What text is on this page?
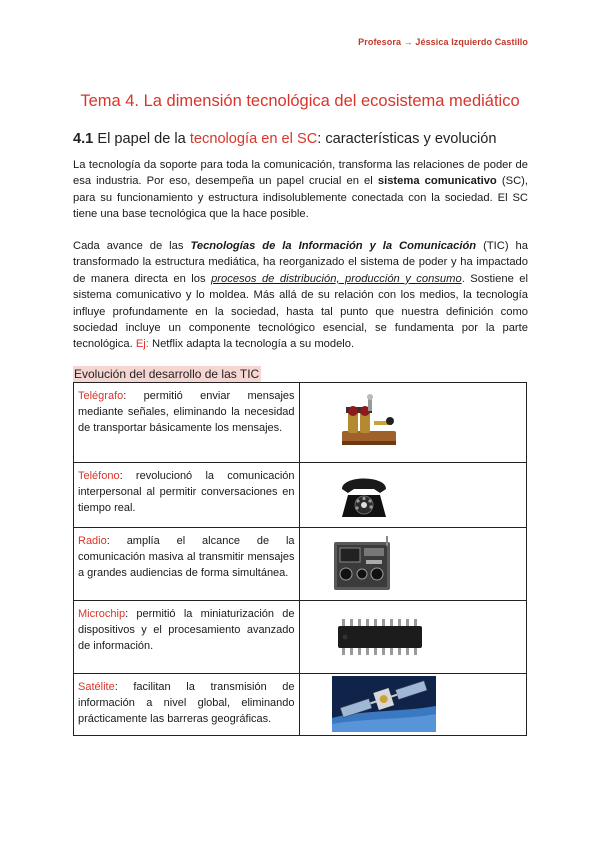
Profesora → Jéssica Izquierdo Castillo
Tema 4. La dimensión tecnológica del ecosistema mediático
4.1 El papel de la tecnología en el SC: características y evolución

La tecnología da soporte para toda la comunicación, transforma las relaciones de poder de esa industria. Por eso, desempeña un papel crucial en el sistema comunicativo (SC), para su funcionamiento y estructura indisolublemente conectada con la sociedad. El SC tiene una base tecnológica que la hace posible.

Cada avance de las Tecnologías de la Información y la Comunicación (TIC) ha transformado la estructura mediática, ha reorganizado el sistema de poder y ha impactado de manera directa en los procesos de distribución, producción y consumo. Sostiene el sistema comunicativo y lo moldea. Más allá de su relación con los medios, la tecnología influye profundamente en la sociedad, hasta tal punto que nuestra definición como sociedad incluye un componente tecnológico esencial, se fundamenta por la parte tecnológica. Ej: Netflix adapta la tecnología a su modelo.

Evolución del desarrollo de las TIC
Telégrafo: permitió enviar mensajes mediante señales, eliminando la necesidad de transportar básicamente los mensajes.	

Teléfono: revolucionó la comunicación interpersonal al permitir conversaciones en tiempo real.	

Radio: amplía el alcance de la comunicación masiva al transmitir mensajes a grandes audiencias de forma simultánea.	

Microchip: permitió la miniaturización de dispositivos y el procesamiento avanzado de información.	

Satélite: facilitan la transmisión de información a nivel global, eliminando prácticamente las barreras geográficas.	
